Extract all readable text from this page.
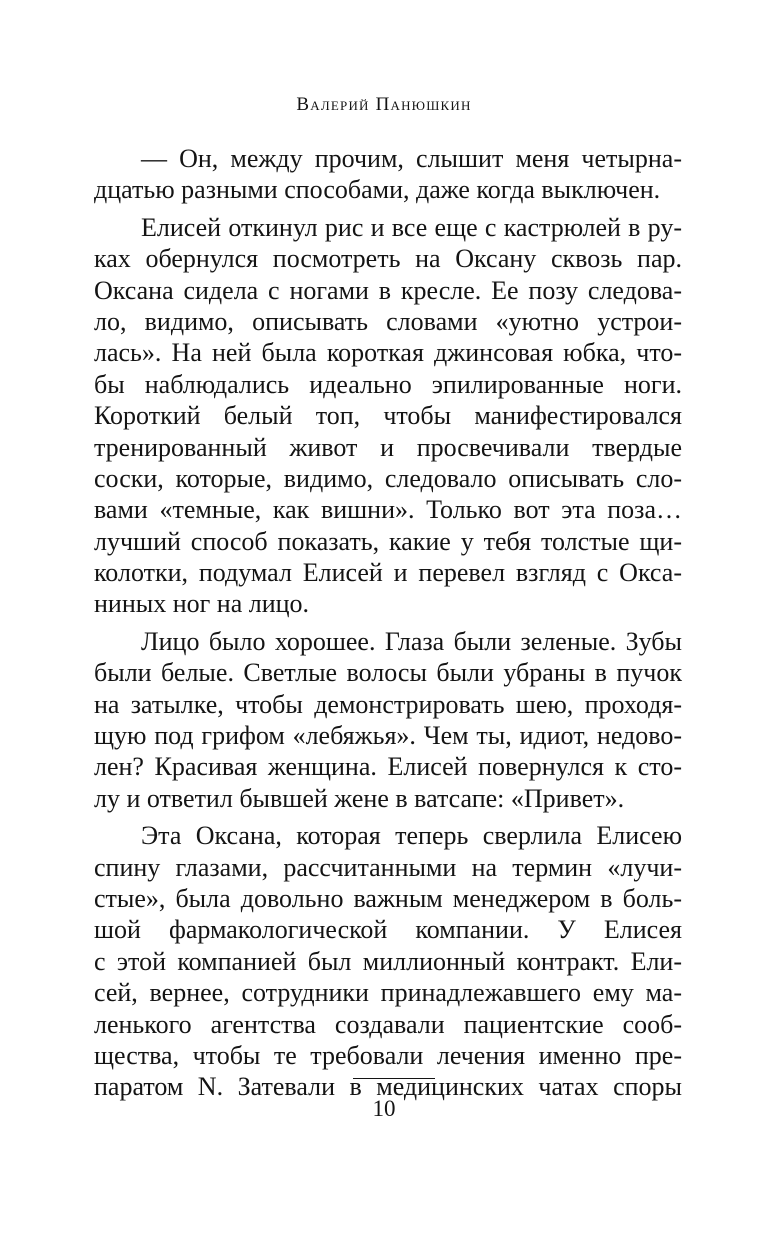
Валерий Панюшкин
— Он, между прочим, слышит меня четырна-
дцатью разными способами, даже когда выключен.
Елисей откинул рис и все еще с кастрюлей в ру-
ках обернулся посмотреть на Оксану сквозь пар.
Оксана сидела с ногами в кресле. Ее позу следова-
ло, видимо, описывать словами «уютно устрои-
лась». На ней была короткая джинсовая юбка, что-
бы наблюдались идеально эпилированные ноги.
Короткий белый топ, чтобы манифестировался
тренированный живот и просвечивали твердые
соски, которые, видимо, следовало описывать сло-
вами «темные, как вишни». Только вот эта поза…
лучший способ показать, какие у тебя толстые щи-
колотки, подумал Елисей и перевел взгляд с Окса-
ниных ног на лицо.
Лицо было хорошее. Глаза были зеленые. Зубы
были белые. Светлые волосы были убраны в пучок
на затылке, чтобы демонстрировать шею, проходя-
щую под грифом «лебяжья». Чем ты, идиот, недово-
лен? Красивая женщина. Елисей повернулся к сто-
лу и ответил бывшей жене в ватсапе: «Привет».
Эта Оксана, которая теперь сверлила Елисею
спину глазами, рассчитанными на термин «лучи-
стые», была довольно важным менеджером в боль-
шой фармакологической компании. У Елисея
с этой компанией был миллионный контракт. Ели-
сей, вернее, сотрудники принадлежавшего ему ма-
ленького агентства создавали пациентские сооб-
щества, чтобы те требовали лечения именно пре-
паратом N. Затевали в медицинских чатах споры
10
